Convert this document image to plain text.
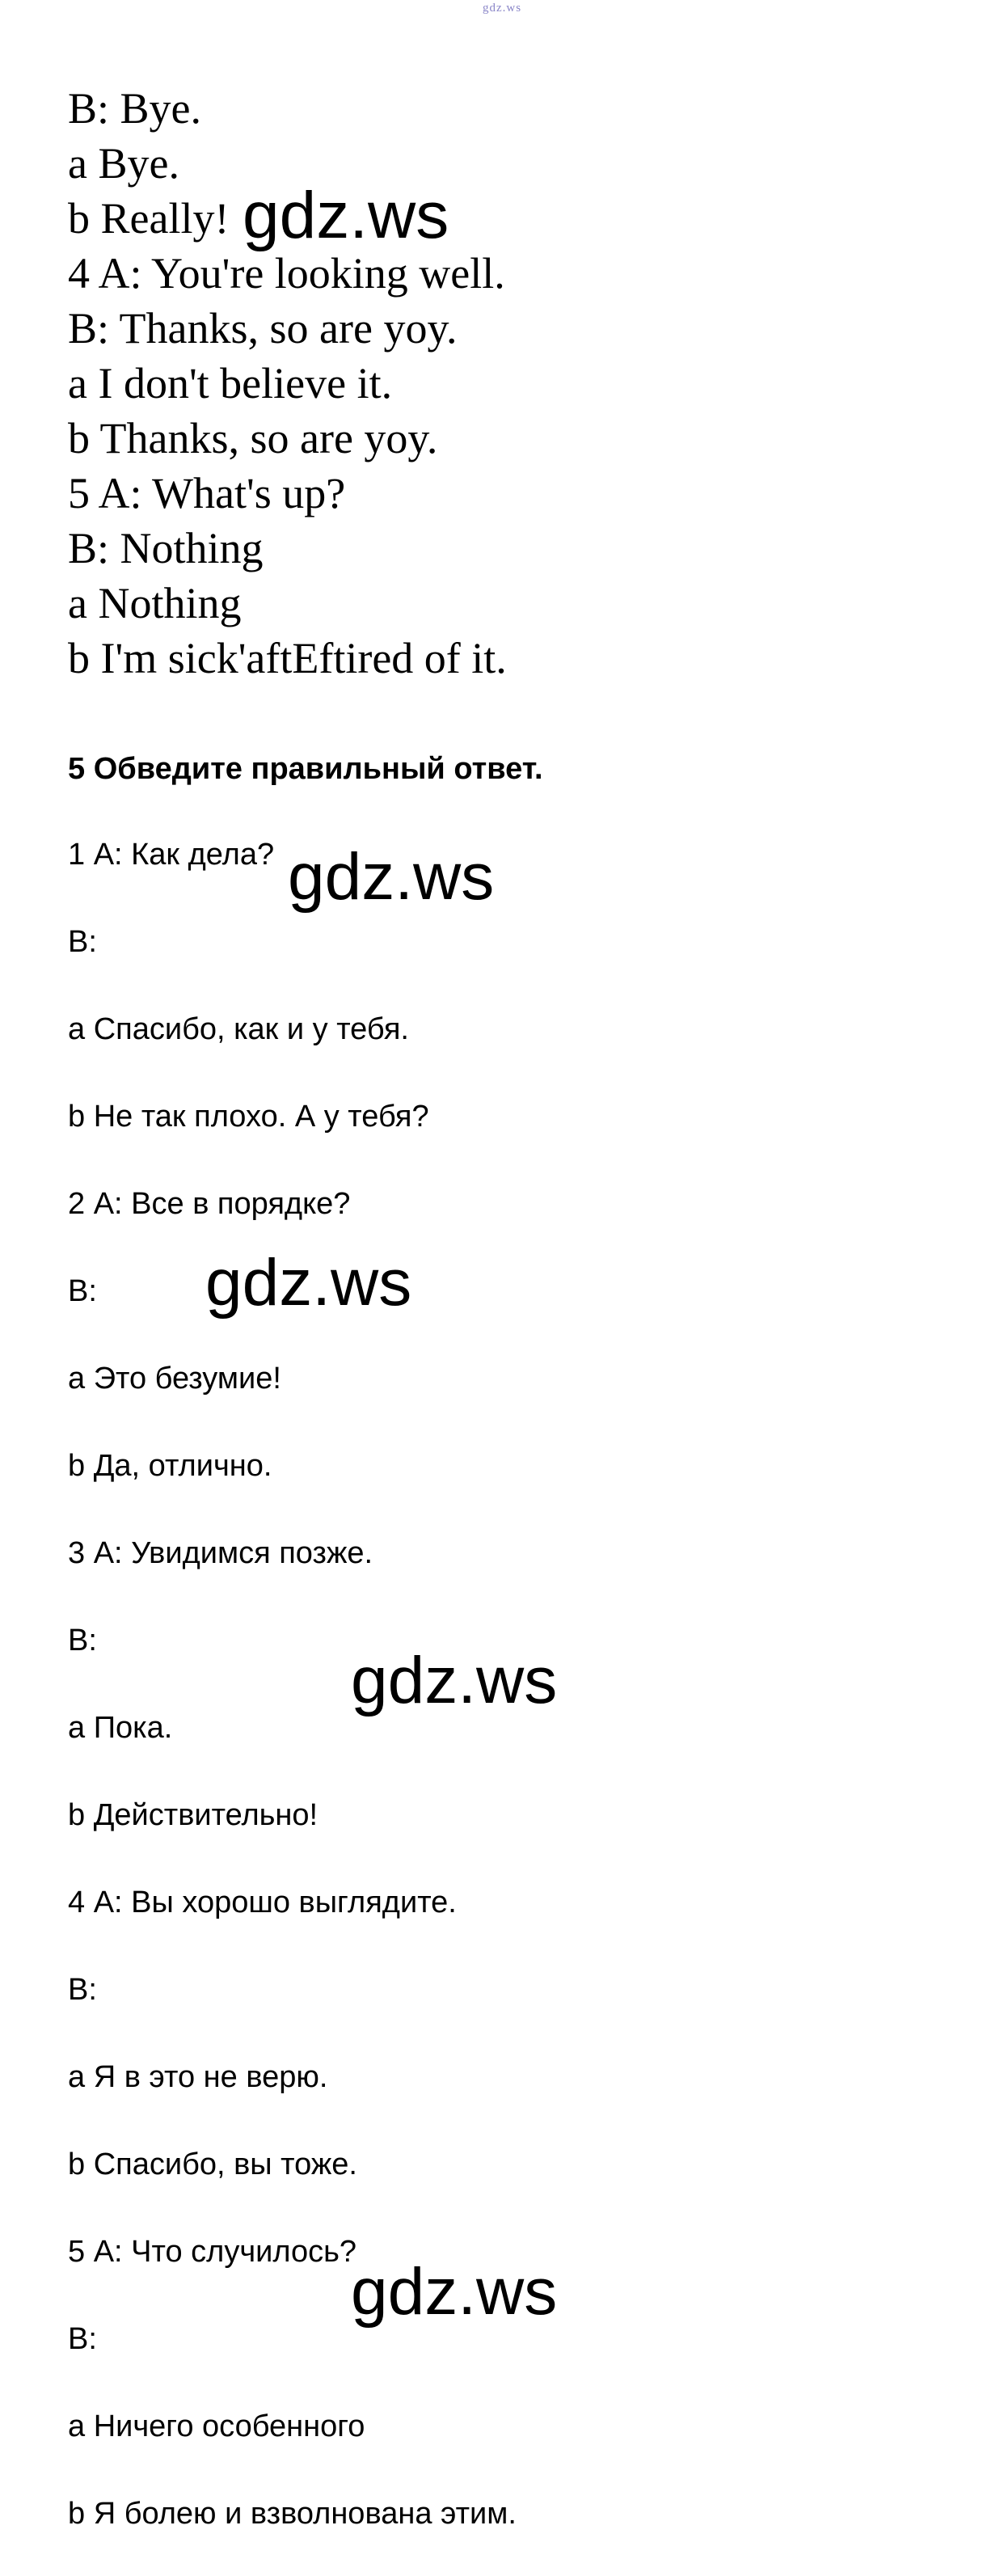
gdz.ws
B: Bye.
a Bye.
b Really!
4 A: You're looking well.
B: Thanks, so are yoy.
a I don't believe it.
b Thanks, so are yoy.
5 A: What's up?
B: Nothing
a Nothing
b I'm sick'aftEftired of it.
5 Обведите правильный ответ.
1 А: Как дела?
В:
а Спасибо, как и у тебя.
b Не так плохо. А у тебя?
2 А: Все в порядке?
В:
а Это безумие!
b Да, отлично.
3 А: Увидимся позже.
В:
а Пока.
b Действительно!
4 А: Вы хорошо выглядите.
В:
а Я в это не верю.
b Спасибо, вы тоже.
5 А: Что случилось?
В:
а Ничего особенного
b Я болею и взволнована этим.
gdz.ws
gdz.ws
gdz.ws
gdz.ws
gdz.ws
